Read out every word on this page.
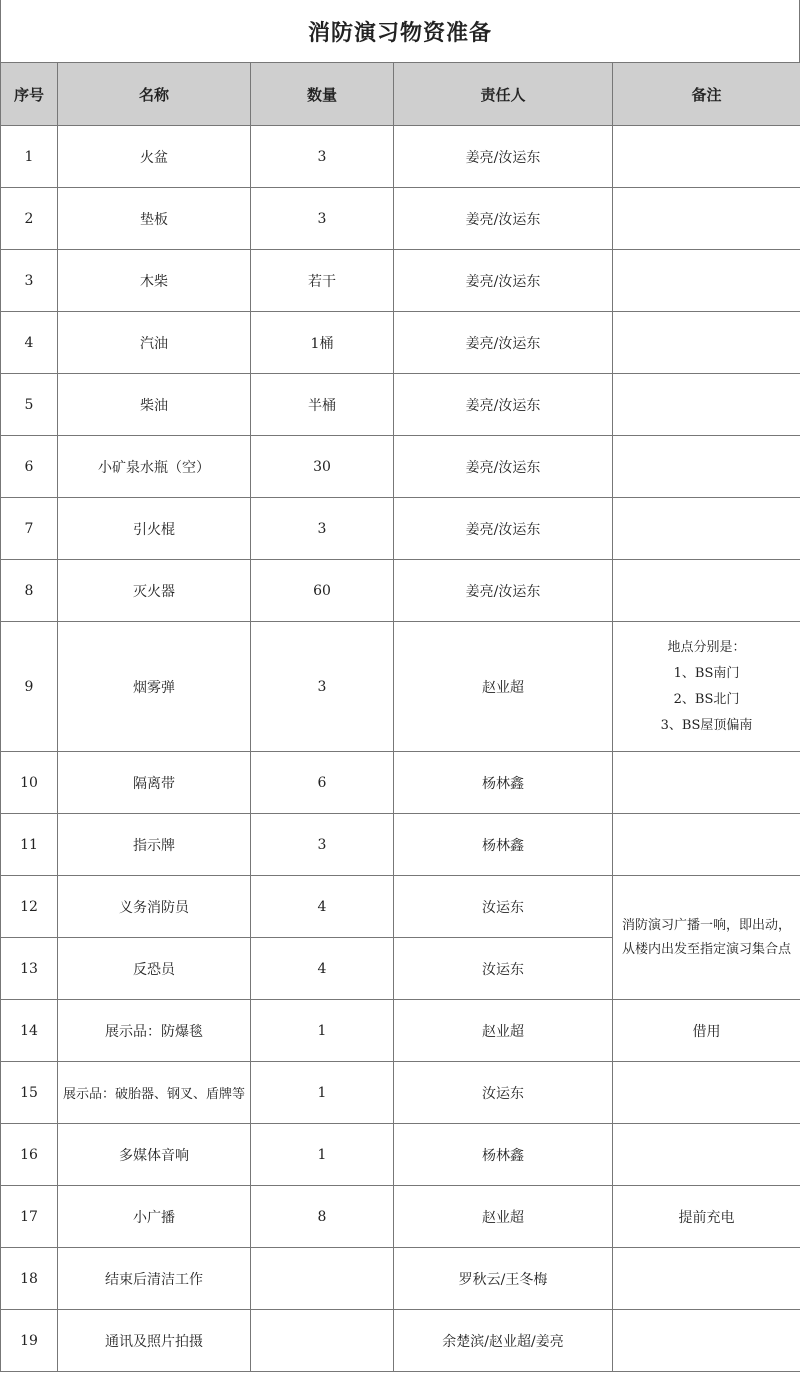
消防演习物资准备
序号	名称	数量	责任人	备注
1	火盆	3	姜亮/汝运东	
2	垫板	3	姜亮/汝运东	
3	木柴	若干	姜亮/汝运东	
4	汽油	1桶	姜亮/汝运东	
5	柴油	半桶	姜亮/汝运东	
6	小矿泉水瓶（空）	30	姜亮/汝运东	
7	引火棍	3	姜亮/汝运东	
8	灭火器	60	姜亮/汝运东	
9	烟雾弹	3	赵业超	地点分别是：
1、BS南门
2、BS北门
3、BS屋顶偏南

10	隔离带	6	杨林鑫	
11	指示牌	3	杨林鑫	
12	义务消防员	4	汝运东	消防演习广播一响，即出动，
从楼内出发至指定演习集合点

13	反恐员	4	汝运东	
14	展示品：防爆毯	1	赵业超	借用
15	展示品：破胎器、钢叉、盾牌等	1	汝运东	
16	多媒体音响	1	杨林鑫	
17	小广播	8	赵业超	提前充电
18	结束后清洁工作		罗秋云/王冬梅	
19	通讯及照片拍摄		余楚滨/赵业超/姜亮	
